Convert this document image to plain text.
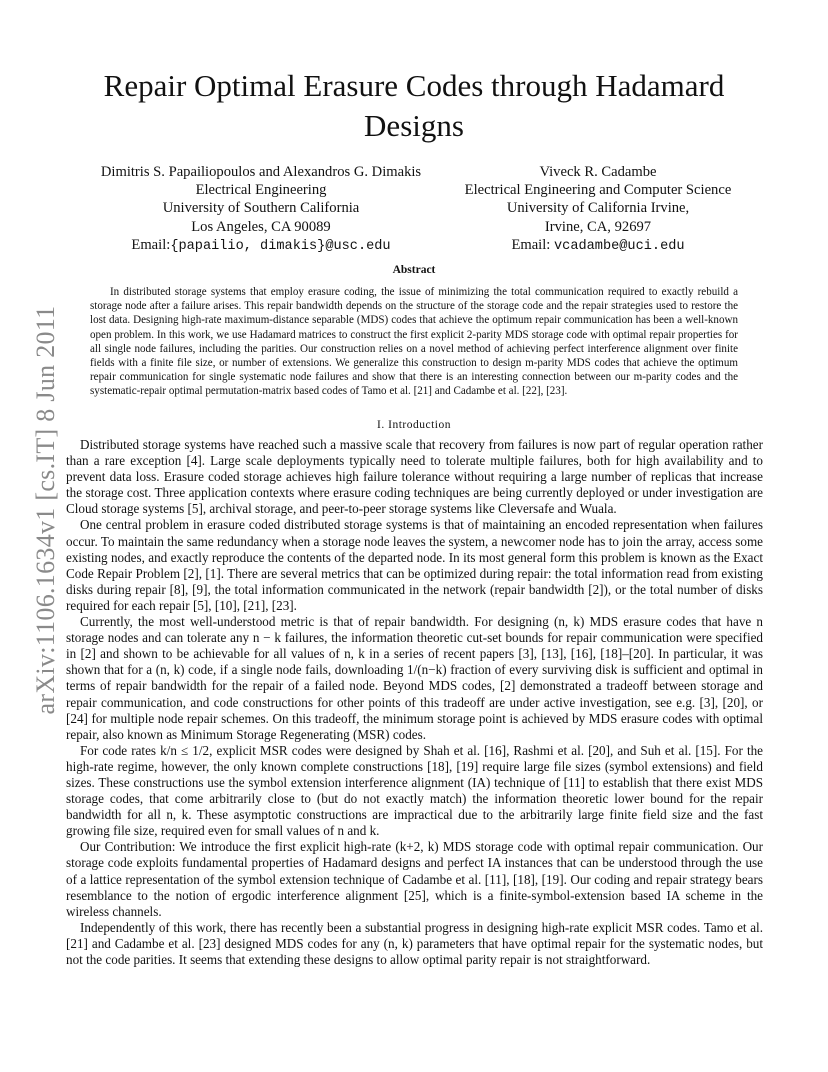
arXiv:1106.1634v1 [cs.IT] 8 Jun 2011
Repair Optimal Erasure Codes through Hadamard Designs
Dimitris S. Papailiopoulos and Alexandros G. Dimakis
Electrical Engineering
University of Southern California
Los Angeles, CA 90089
Email:{papailio, dimakis}@usc.edu
Viveck R. Cadambe
Electrical Engineering and Computer Science
University of California Irvine,
Irvine, CA, 92697
Email: vcadambe@uci.edu
Abstract

In distributed storage systems that employ erasure coding, the issue of minimizing the total communication required to exactly rebuild a storage node after a failure arises. This repair bandwidth depends on the structure of the storage code and the repair strategies used to restore the lost data. Designing high-rate maximum-distance separable (MDS) codes that achieve the optimum repair communication has been a well-known open problem. In this work, we use Hadamard matrices to construct the first explicit 2-parity MDS storage code with optimal repair properties for all single node failures, including the parities. Our construction relies on a novel method of achieving perfect interference alignment over finite fields with a finite file size, or number of extensions. We generalize this construction to design m-parity MDS codes that achieve the optimum repair communication for single systematic node failures and show that there is an interesting connection between our m-parity codes and the systematic-repair optimal permutation-matrix based codes of Tamo et al. [21] and Cadambe et al. [22], [23].

I. Introduction

Distributed storage systems have reached such a massive scale that recovery from failures is now part of regular operation rather than a rare exception [4]. Large scale deployments typically need to tolerate multiple failures, both for high availability and to prevent data loss. Erasure coded storage achieves high failure tolerance without requiring a large number of replicas that increase the storage cost. Three application contexts where erasure coding techniques are being currently deployed or under investigation are Cloud storage systems [5], archival storage, and peer-to-peer storage systems like Cleversafe and Wuala.

One central problem in erasure coded distributed storage systems is that of maintaining an encoded representation when failures occur. To maintain the same redundancy when a storage node leaves the system, a newcomer node has to join the array, access some existing nodes, and exactly reproduce the contents of the departed node. In its most general form this problem is known as the Exact Code Repair Problem [2], [1]. There are several metrics that can be optimized during repair: the total information read from existing disks during repair [8], [9], the total information communicated in the network (repair bandwidth [2]), or the total number of disks required for each repair [5], [10], [21], [23].

Currently, the most well-understood metric is that of repair bandwidth. For designing (n, k) MDS erasure codes that have n storage nodes and can tolerate any n − k failures, the information theoretic cut-set bounds for repair communication were specified in [2] and shown to be achievable for all values of n, k in a series of recent papers [3], [13], [16], [18]–[20]. In particular, it was shown that for a (n, k) code, if a single node fails, downloading 1/(n−k) fraction of every surviving disk is sufficient and optimal in terms of repair bandwidth for the repair of a failed node. Beyond MDS codes, [2] demonstrated a tradeoff between storage and repair communication, and code constructions for other points of this tradeoff are under active investigation, see e.g. [3], [20], or [24] for multiple node repair schemes. On this tradeoff, the minimum storage point is achieved by MDS erasure codes with optimal repair, also known as Minimum Storage Regenerating (MSR) codes.

For code rates k/n ≤ 1/2, explicit MSR codes were designed by Shah et al. [16], Rashmi et al. [20], and Suh et al. [15]. For the high-rate regime, however, the only known complete constructions [18], [19] require large file sizes (symbol extensions) and field sizes. These constructions use the symbol extension interference alignment (IA) technique of [11] to establish that there exist MDS storage codes, that come arbitrarily close to (but do not exactly match) the information theoretic lower bound for the repair bandwidth for all n, k. These asymptotic constructions are impractical due to the arbitrarily large finite field size and the fast growing file size, required even for small values of n and k.

Our Contribution: We introduce the first explicit high-rate (k+2, k) MDS storage code with optimal repair communication. Our storage code exploits fundamental properties of Hadamard designs and perfect IA instances that can be understood through the use of a lattice representation of the symbol extension technique of Cadambe et al. [11], [18], [19]. Our coding and repair strategy bears resemblance to the notion of ergodic interference alignment [25], which is a finite-symbol-extension based IA scheme in the wireless channels.

Independently of this work, there has recently been a substantial progress in designing high-rate explicit MSR codes. Tamo et al. [21] and Cadambe et al. [23] designed MDS codes for any (n, k) parameters that have optimal repair for the systematic nodes, but not the code parities. It seems that extending these designs to allow optimal parity repair is not straightforward.
